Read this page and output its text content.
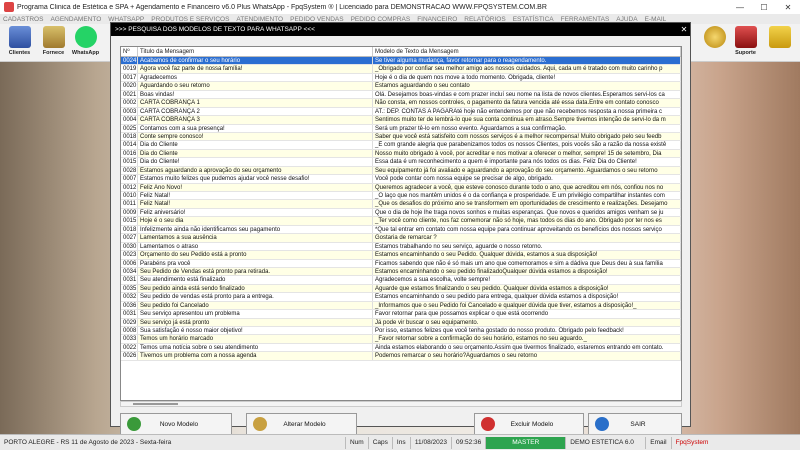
Programa Clinica de Estética e SPA + Agendamento e Financeiro v6.0 Plus WhatsApp - FpqSystem ® | Licenciado para DEMONSTRACAO WWW.FPQSYSTEM.COM.BR	—	☐	✕
CADASTROS AGENDAMENTO WHATSAPP PRODUTOS E SERVIÇOS ATENDIMENTO PEDIDO VENDAS PEDIDO COMPRAS FINANCEIRO RELATÓRIOS ESTATÍSTICA FERRAMENTAS AJUDA E-MAIL
Clientes Fornece WhatsApp	Suporte
>>> PESQUISA DOS MODELOS DE TEXTO PARA WHATSAPP <<<	✕
Nº	Titulo da Mensagem	Modelo de Texto da Mensagem
0024 Acabamos de confirmar o seu horário	Se tiver alguma mudança, favor retornar para o reagendamento.
0019 Agora você faz parte de nossa família!	_Obrigado por confiar seu melhor amigo aos nossos cuidados. Aqui, cada um é tratado com muito carinho p
0017 Agradecemos	Hoje é o dia de quem nos move a todo momento. Obrigada, cliente!
0020 Aguardando o seu retorno	Estamos aguardando o seu contato
0021 Boas vindas!	Olá. Desejamos boas-vindas e com prazer incluí seu nome na lista de novos clientes.Esperamos servi-los ca
0002 CARTA COBRANÇA 1	Não consta, em nossos controles, o pagamento da fatura vencida até essa data.Entre em contato conosco
0003 CARTA COBRANÇA 2	AT.: DEP. CONTAS A PAGARAté hoje não entendemos por que não recebemos resposta a nossa primeira c
0004 CARTA COBRANÇA 3	Sentimos muito ter de lembrá-lo que sua conta continua em atraso.Sempre tivemos intenção de servi-lo da m
0025 Contamos com a sua presença!	Será um prazer tê-lo em nosso evento. Aguardamos a sua confirmação.
0018 Conte sempre conosco!	Saber que você está satisfeito com nossos serviços é a melhor recompensa! Muito obrigado pelo seu feedb
0014 Dia do Cliente	_É com grande alegria que parabenizamos todos os nossos Clientes, pois vocês são a razão da nossa existê
0016 Dia do Cliente	Nosso muito obrigado à você, por acreditar e nos motivar a oferecer o melhor, sempre! 15 de setembro, Dia
0015 Dia do Cliente!	Essa data é um reconhecimento a quem é importante para nós todos os dias. Feliz Dia do Cliente!
0028 Estamos aguardando a aprovação do seu orçamento	Seu equipamento já foi avaliado e aguardando a aprovação do seu orçamento. Aguardamos o seu retorno
0007 Estamos muito felizes que pudemos ajudar você nesse desafio!	Você pode contar com nossa equipe se precisar de algo, obrigado.
0012 Feliz Ano Novo!	Queremos agradecer a você, que esteve conosco durante todo o ano, que acreditou em nós, confiou nos no
0010 Feliz Natal!	_O laço que nos mantêm unidos é o da confiança e prosperidade. É um privilégio compartilhar instantes com
0011 Feliz Natal!	_Que os desafios do próximo ano se transformem em oportunidades de crescimento e realizações. Desejamo
0009 Feliz aniversário!	Que o dia de hoje lhe traga novos sonhos e muitas esperanças. Que novos e queridos amigos venham se ju
0015 Hoje é o seu dia	_Ter você como cliente, nos faz comemorar não só hoje, mas todos os dias do ano. Obrigado por ter nos es
0018 Infelizmente ainda não identificamos seu pagamento	*Que tal entrar em contato com nossa equipe para continuar aproveitando os benefícios dos nossos serviço
0027 Lamentamos a sua ausência	Gostaria de remarcar ?
0030 Lamentamos o atraso	Estamos trabalhando no seu serviço, aguarde o nosso retorno.
0023 Orçamento do seu Pedido está a pronto	Estamos encaminhando o seu Pedido. Qualquer dúvida, estamos a sua disposição!
0006 Parabéns pra você	Ficamos sabendo que não é só mais um ano que comemoramos e sim a dádiva que Deus deu à sua família
0034 Seu Pedido de Vendas está pronto para retirada.	Estamos encaminhando o seu pedido finalizadoQualquer dúvida estamos a disposição!
0031 Seu atendimento está finalizado	Agradecemos a sua escolha, volte sempre!
0035 Seu pedido ainda está sendo finalizado	Aguarde que estamos finalizando o seu pedido. Qualquer dúvida estamos a disposição!
0032 Seu pedido de vendas está pronto para a entrega.	Estamos encaminhando o seu pedido para entrega, qualquer dúvida estamos a disposição!
0036 Seu pedido foi Cancelado	_Informamos que o seu Pedido foi Cancelado e qualquer dúvida que tiver, estamos a disposição!_
0031 Seu serviço apresentou um problema	Favor retornar para que possamos explicar o que está ocorrendo
0029 Seu serviço já está pronto	Já pode vir buscar o seu equipamento.
0008 Sua satisfação é nosso maior objetivo!	Por isso, estamos felizes que você tenha gostado do nosso produto. Obrigado pelo feedback!
0033 Temos um horário marcado	_Favor retornar sobre a confirmação do seu horário, estamos no seu aguardo._
0022 Temos uma notícia sobre o seu atendimento	Ainda estamos elaborando o seu orçamento.Assim que tivermos finalizado, estaremos entrando em contato.
0026 Tivemos um problema com a nossa agenda	Podemos remarcar o seu horário?Aguardamos o seu retorno
Novo Modelo	Alterar Modelo	Excluir Modelo	SAIR
PORTO ALEGRE - RS 11 de Agosto de 2023 - Sexta-feira	Num	Caps	Ins	11/08/2023	09:52:36	MASTER	DEMO ESTETICA 6.0	Email	FpqSystem
